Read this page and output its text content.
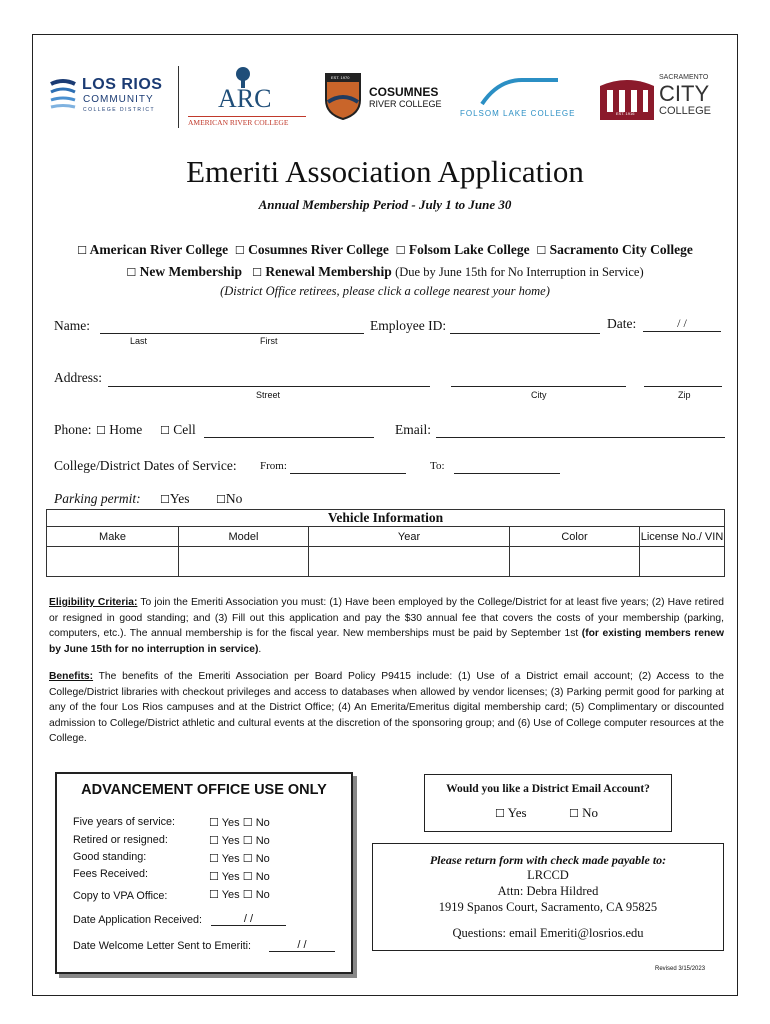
LOS RIOS
COMMUNITY
COLLEGE DISTRICT ARC
AMERICAN RIVER COLLEGE
EST. 1970
COSUMNES
RIVER COLLEGE
FOLSOM LAKE COLLEGE	EST. 1916
SACRAMENTO
CITY
COLLEGE
Emeriti Association Application
Annual Membership Period - July 1 to June 30
☐ American River College ☐ Cosumnes River College ☐ Folsom Lake College ☐ Sacramento City College
☐ New Membership ☐ Renewal Membership (Due by June 15th for No Interruption in Service)
(District Office retirees, please click a college nearest your home)
Name:
Last	First
Employee ID:	Date:	/ /
Address:
Street	City	Zip
Phone: ☐ Home ☐ Cell	Email:
College/District Dates of Service: From:	To:
Parking permit: ☐Yes ☐No
Vehicle Information				
Make	Model	Year	Color	License No./ VIN

Eligibility Criteria: To join the Emeriti Association you must: (1) Have been employed by the College/District for at least five years; (2) Have retired or resigned in good standing; and (3) Fill out this application and pay the $30 annual fee that covers the costs of your membership (parking, computers, etc.). The annual membership is for the fiscal year. New memberships must be paid by September 1st (for existing members renew by June 15th for no interruption in service).
Benefits: The benefits of the Emeriti Association per Board Policy P9415 include: (1) Use of a District email account; (2) Access to the College/District libraries with checkout privileges and access to databases when allowed by vendor licenses; (3) Parking permit good for parking at any of the four Los Rios campuses and at the District Office; (4) An Emerita/Emeritus digital membership card; (5) Complimentary or discounted admission to College/District athletic and cultural events at the discretion of the sponsoring group; and (6) Use of College computer resources at the College.
ADVANCEMENT OFFICE USE ONLY
Five years of service:	☐ Yes ☐ No
Retired or resigned:	☐ Yes ☐ No
Good standing:	☐ Yes ☐ No
Fees Received:	☐ Yes ☐ No
Copy to VPA Office:	☐ Yes ☐ No
Date Application Received:	/ /
Date Welcome Letter Sent to Emeriti:	/ /
Would you like a District Email Account?
☐ Yes	☐ No
Please return form with check made payable to:
LRCCD
Attn: Debra Hildred
1919 Spanos Court, Sacramento, CA 95825
Questions: email Emeriti@losrios.edu
Revised 3/15/2023
